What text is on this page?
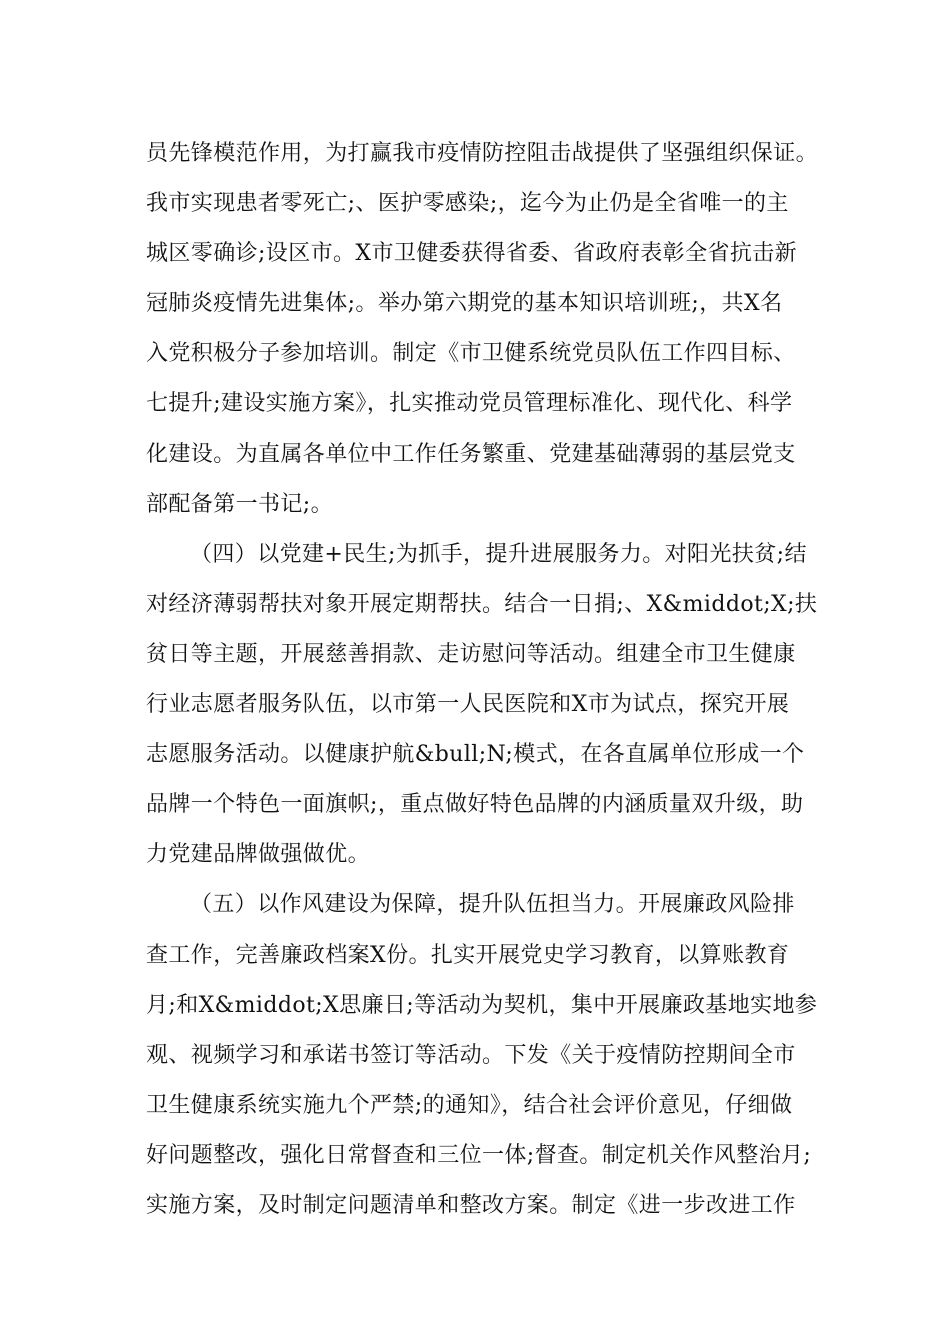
员先锋模范作用，为打赢我市疫情防控阻击战提供了坚强组织保证。
我市实现患者零死亡;、医护零感染;，迄今为止仍是全省唯一的主
城区零确诊;设区市。X市卫健委获得省委、省政府表彰全省抗击新
冠肺炎疫情先进集体;。举办第六期党的基本知识培训班;，共X名
入党积极分子参加培训。制定《市卫健系统党员队伍工作四目标、
七提升;建设实施方案》，扎实推动党员管理标准化、现代化、科学
化建设。为直属各单位中工作任务繁重、党建基础薄弱的基层党支
部配备第一书记;。
（四）以党建+民生;为抓手，提升进展服务力。对阳光扶贫;结
对经济薄弱帮扶对象开展定期帮扶。结合一日捐;、X&middot;X;扶
贫日等主题，开展慈善捐款、走访慰问等活动。组建全市卫生健康
行业志愿者服务队伍，以市第一人民医院和X市为试点，探究开展
志愿服务活动。以健康护航&bull;N;模式，在各直属单位形成一个
品牌一个特色一面旗帜;，重点做好特色品牌的内涵质量双升级，助
力党建品牌做强做优。
（五）以作风建设为保障，提升队伍担当力。开展廉政风险排
查工作，完善廉政档案X份。扎实开展党史学习教育，以算账教育
月;和X&middot;X思廉日;等活动为契机，集中开展廉政基地实地参
观、视频学习和承诺书签订等活动。下发《关于疫情防控期间全市
卫生健康系统实施九个严禁;的通知》，结合社会评价意见，仔细做
好问题整改，强化日常督查和三位一体;督查。制定机关作风整治月;
实施方案，及时制定问题清单和整改方案。制定《进一步改进工作
